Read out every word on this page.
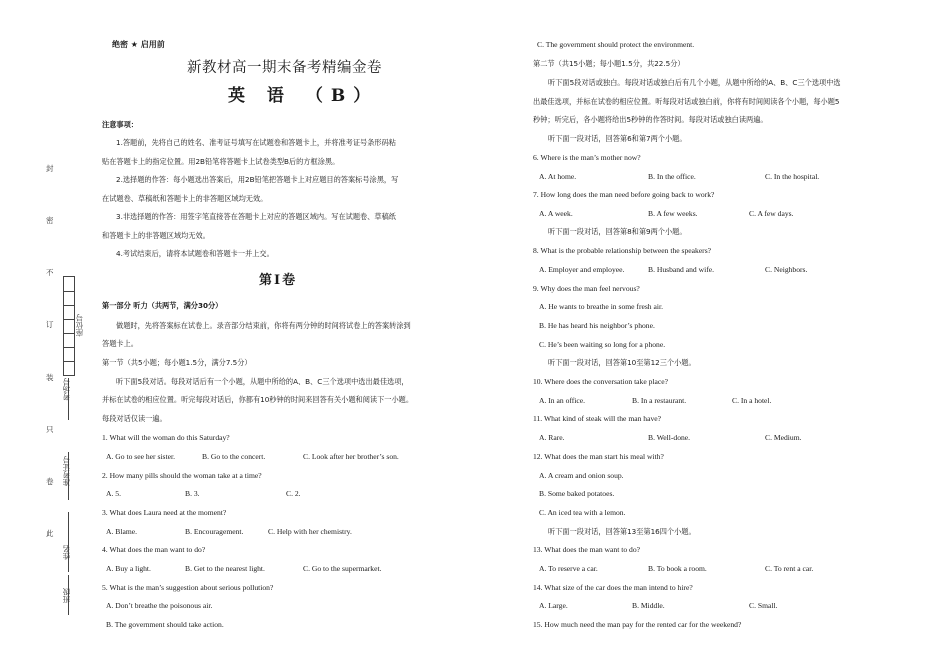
封
密
不
订
装
只
卷
此
座位号
考场号
准考证号
姓名
班级
绝密 ★ 启用前
新教材高一期末备考精编金卷
英 语 （B）
注意事项：
1.答题前，先将自己的姓名、准考证号填写在试题卷和答题卡上，并将准考证号条形码粘
贴在答题卡上的指定位置。用2B铅笔将答题卡上试卷类型B后的方框涂黑。
2.选择题的作答：每小题选出答案后，用2B铅笔把答题卡上对应题目的答案标号涂黑，写
在试题卷、草稿纸和答题卡上的非答题区域均无效。
3.非选择题的作答：用签字笔直接答在答题卡上对应的答题区域内。写在试题卷、草稿纸
和答题卡上的非答题区域均无效。
4.考试结束后，请将本试题卷和答题卡一并上交。
第Ⅰ卷
第一部分 听力（共两节，满分30分）
做题时，先将答案标在试卷上。录音部分结束前，你将有两分钟的时间将试卷上的答案转涂到
答题卡上。
第一节（共5小题；每小题1.5分，满分7.5分）
听下面5段对话。每段对话后有一个小题，从题中所给的A、B、C三个选项中选出最佳选项，
并标在试卷的相应位置。听完每段对话后，你都有10秒钟的时间来回答有关小题和阅读下一小题。
每段对话仅读一遍。
1. What will the woman do this Saturday?
A. Go to see her sister.	B. Go to the concert.	C. Look after her brother’s son.
2. How many pills should the woman take at a time?
A. 5.	B. 3.	C. 2.
3. What does Laura need at the moment?
A. Blame.	B. Encouragement.	C. Help with her chemistry.
4. What does the man want to do?
A. Buy a light.	B. Get to the nearest light.	C. Go to the supermarket.
5. What is the man’s suggestion about serious pollution?
A. Don’t breathe the poisonous air.
B. The government should take action.
C. The government should protect the environment.
第二节（共15小题；每小题1.5分，共22.5分）
听下面5段对话或独白。每段对话或独白后有几个小题，从题中所给的A、B、C三个选项中选
出最佳选项，并标在试卷的相应位置。听每段对话或独白前，你将有时间阅读各个小题，每小题5
秒钟；听完后，各小题将给出5秒钟的作答时间。每段对话或独白读两遍。
听下面一段对话，回答第6和第7两个小题。
6. Where is the man’s mother now?
A. At home.	B. In the office.	C. In the hospital.
7. How long does the man need before going back to work?
A. A week.	B. A few weeks.	C. A few days.
听下面一段对话，回答第8和第9两个小题。
8. What is the probable relationship between the speakers?
A. Employer and employee.	B. Husband and wife.	C. Neighbors.
9. Why does the man feel nervous?
A. He wants to breathe in some fresh air.
B. He has heard his neighbor’s phone.
C. He’s been waiting so long for a phone.
听下面一段对话，回答第10至第12三个小题。
10. Where does the conversation take place?
A. In an office.	B. In a restaurant.	C. In a hotel.
11. What kind of steak will the man have?
A. Rare.	B. Well-done.	C. Medium.
12. What does the man start his meal with?
A. A cream and onion soup.
B. Some baked potatoes.
C. An iced tea with a lemon.
听下面一段对话，回答第13至第16四个小题。
13. What does the man want to do?
A. To reserve a car.	B. To book a room.	C. To rent a car.
14. What size of the car does the man intend to hire?
A. Large.	B. Middle.	C. Small.
15. How much need the man pay for the rented car for the weekend?
